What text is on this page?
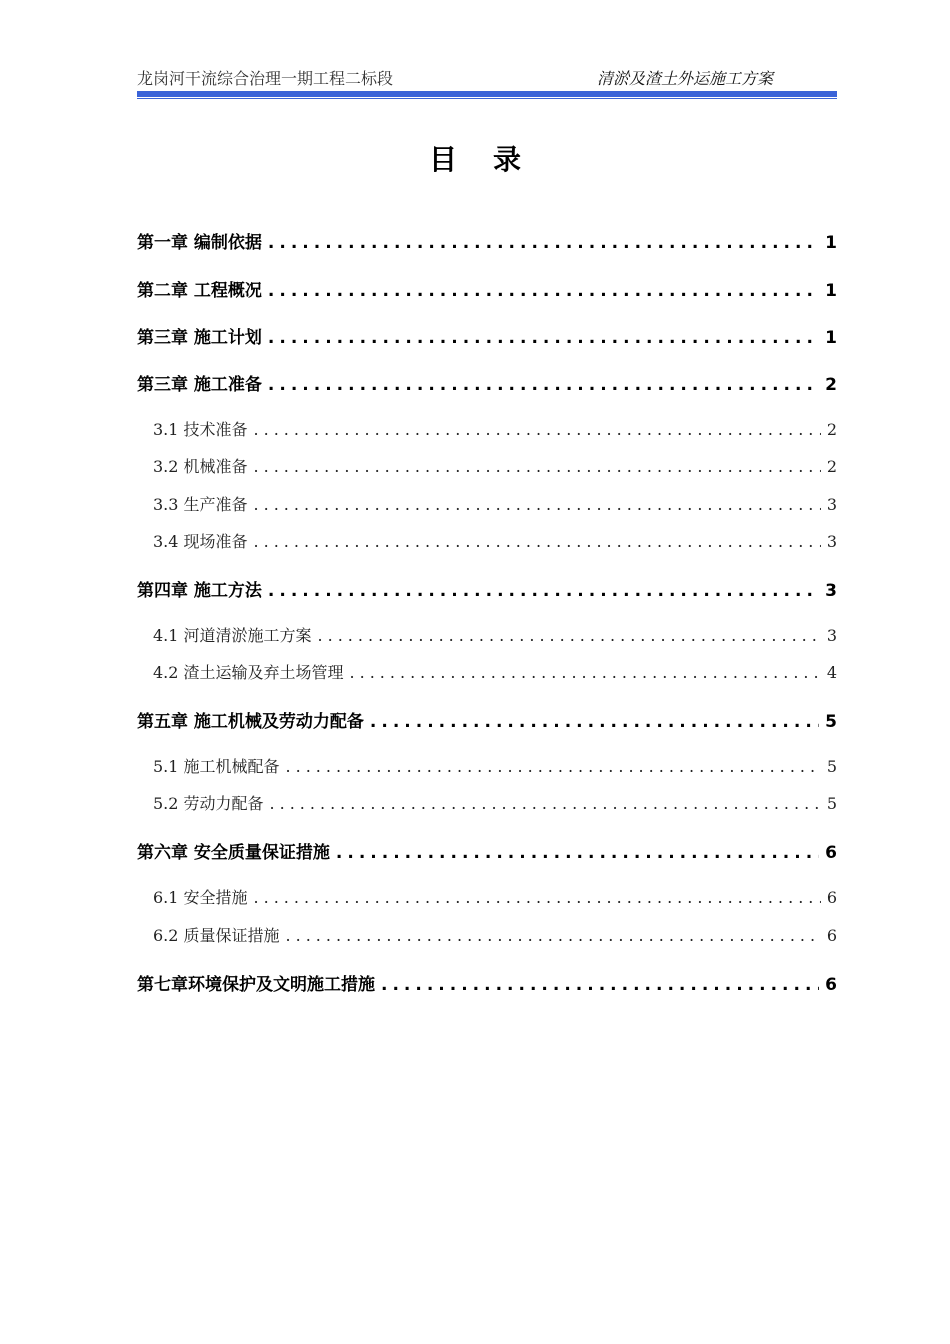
龙岗河干流综合治理一期工程二标段	清淤及渣土外运施工方案
目录
第一章 编制依据 .....	1
第二章 工程概况 .....	1
第三章 施工计划 .....	1
第三章 施工准备 .....	2
3.1 技术准备 .....	2
3.2 机械准备 .....	2
3.3 生产准备 .....	3
3.4 现场准备 .....	3
第四章 施工方法 .....	3
4.1 河道清淤施工方案 .....	3
4.2 渣土运输及弃土场管理 .....	4
第五章 施工机械及劳动力配备 .....	5
5.1 施工机械配备 .....	5
5.2 劳动力配备 .....	5
第六章 安全质量保证措施 .....	6
6.1 安全措施 .....	6
6.2 质量保证措施 .....	6
第七章环境保护及文明施工措施 .....	6
